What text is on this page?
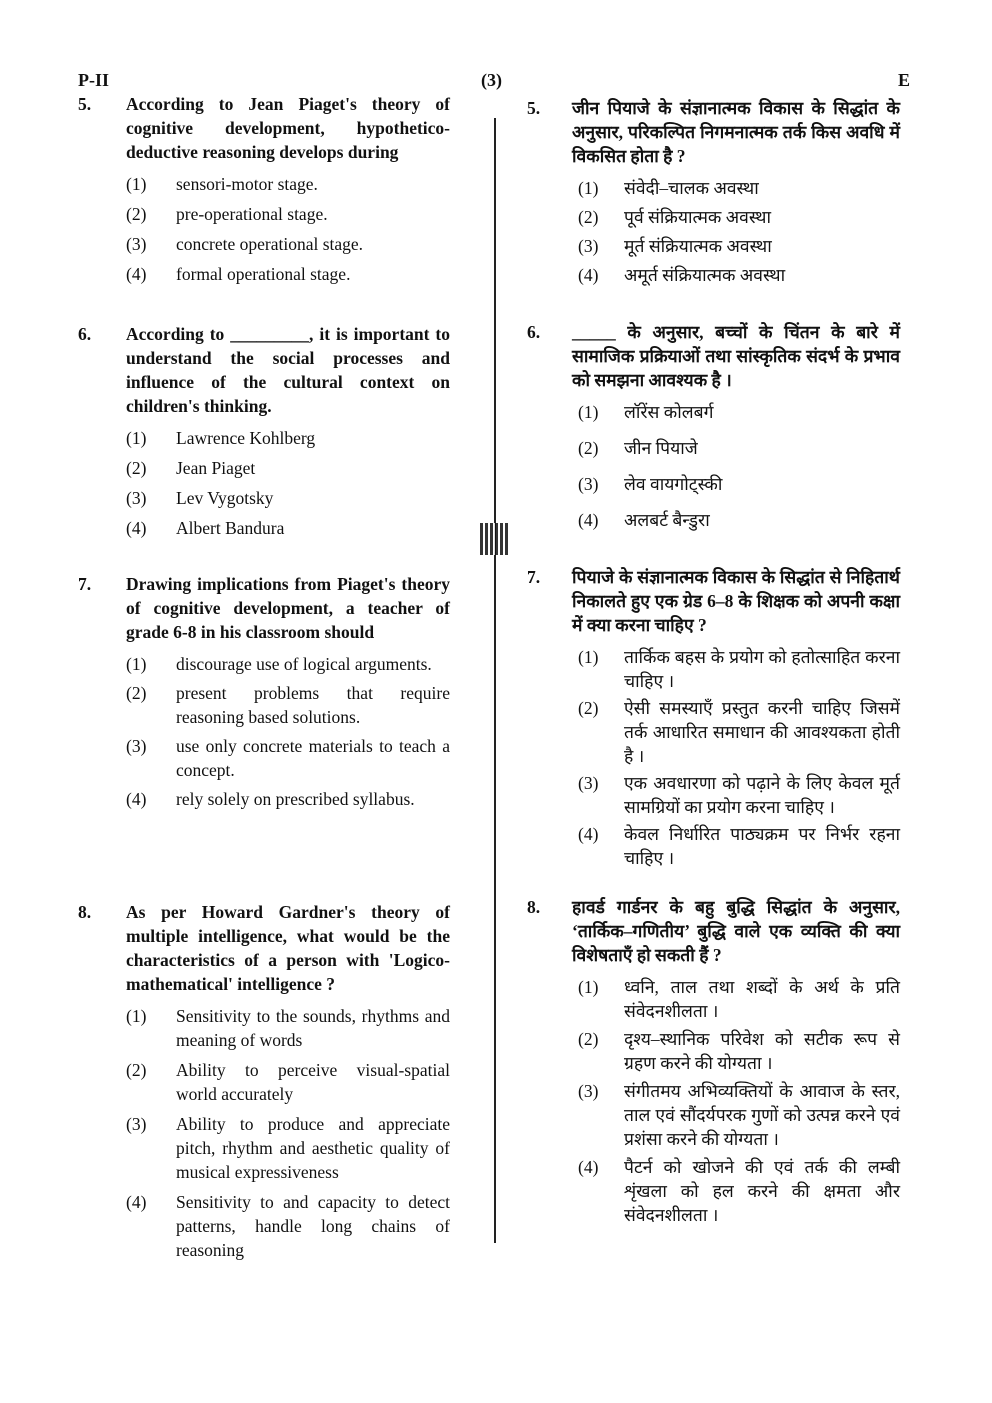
P-II	(3)	E
5.	According to Jean Piaget's theory of cognitive development, hypothetico-deductive reasoning develops during
(1)	sensori-motor stage.
(2)	pre-operational stage.
(3)	concrete operational stage.
(4)	formal operational stage.
6.	According to _________, it is important to understand the social processes and influence of the cultural context on children's thinking.
(1)	Lawrence Kohlberg
(2)	Jean Piaget
(3)	Lev Vygotsky
(4)	Albert Bandura
7.	Drawing implications from Piaget's theory of cognitive development, a teacher of grade 6-8 in his classroom should
(1)	discourage use of logical arguments.
(2)	present problems that require reasoning based solutions.
(3)	use only concrete materials to teach a concept.
(4)	rely solely on prescribed syllabus.
8.	As per Howard Gardner's theory of multiple intelligence, what would be the characteristics of a person with 'Logico-mathematical' intelligence ?
(1)	Sensitivity to the sounds, rhythms and meaning of words
(2)	Ability to perceive visual-spatial world accurately
(3)	Ability to produce and appreciate pitch, rhythm and aesthetic quality of musical expressiveness
(4)	Sensitivity to and capacity to detect patterns, handle long chains of reasoning
5.	जीन पियाजे के संज्ञानात्मक विकास के सिद्धांत के अनुसार, परिकल्पित निगमनात्मक तर्क किस अवधि में विकसित होता है ?
(1)	संवेदी–चालक अवस्था
(2)	पूर्व संक्रियात्मक अवस्था
(3)	मूर्त संक्रियात्मक अवस्था
(4)	अमूर्त संक्रियात्मक अवस्था
6.	_____ के अनुसार, बच्चों के चिंतन के बारे में सामाजिक प्रक्रियाओं तथा सांस्कृतिक संदर्भ के प्रभाव को समझना आवश्यक है ।
(1)	लॉरेंस कोलबर्ग
(2)	जीन पियाजे
(3)	लेव वायगोट्स्की
(4)	अलबर्ट बैन्डुरा
7.	पियाजे के संज्ञानात्मक विकास के सिद्धांत से निहितार्थ निकालते हुए एक ग्रेड 6–8 के शिक्षक को अपनी कक्षा में क्या करना चाहिए ?
(1)	तार्किक बहस के प्रयोग को हतोत्साहित करना चाहिए ।
(2)	ऐसी समस्याएँ प्रस्तुत करनी चाहिए जिसमें तर्क आधारित समाधान की आवश्यकता होती है ।
(3)	एक अवधारणा को पढ़ाने के लिए केवल मूर्त सामग्रियों का प्रयोग करना चाहिए ।
(4)	केवल निर्धारित पाठ्यक्रम पर निर्भर रहना चाहिए ।
8.	हावर्ड गार्डनर के बहु बुद्धि सिद्धांत के अनुसार, ‘तार्किक–गणितीय’ बुद्धि वाले एक व्यक्ति की क्या विशेषताएँ हो सकती हैं ?
(1)	ध्वनि, ताल तथा शब्दों के अर्थ के प्रति संवेदनशीलता ।
(2)	दृश्य–स्थानिक परिवेश को सटीक रूप से ग्रहण करने की योग्यता ।
(3)	संगीतमय अभिव्यक्तियों के आवाज के स्तर, ताल एवं सौंदर्यपरक गुणों को उत्पन्न करने एवं प्रशंसा करने की योग्यता ।
(4)	पैटर्न को खोजने की एवं तर्क की लम्बी शृंखला को हल करने की क्षमता और संवेदनशीलता ।
